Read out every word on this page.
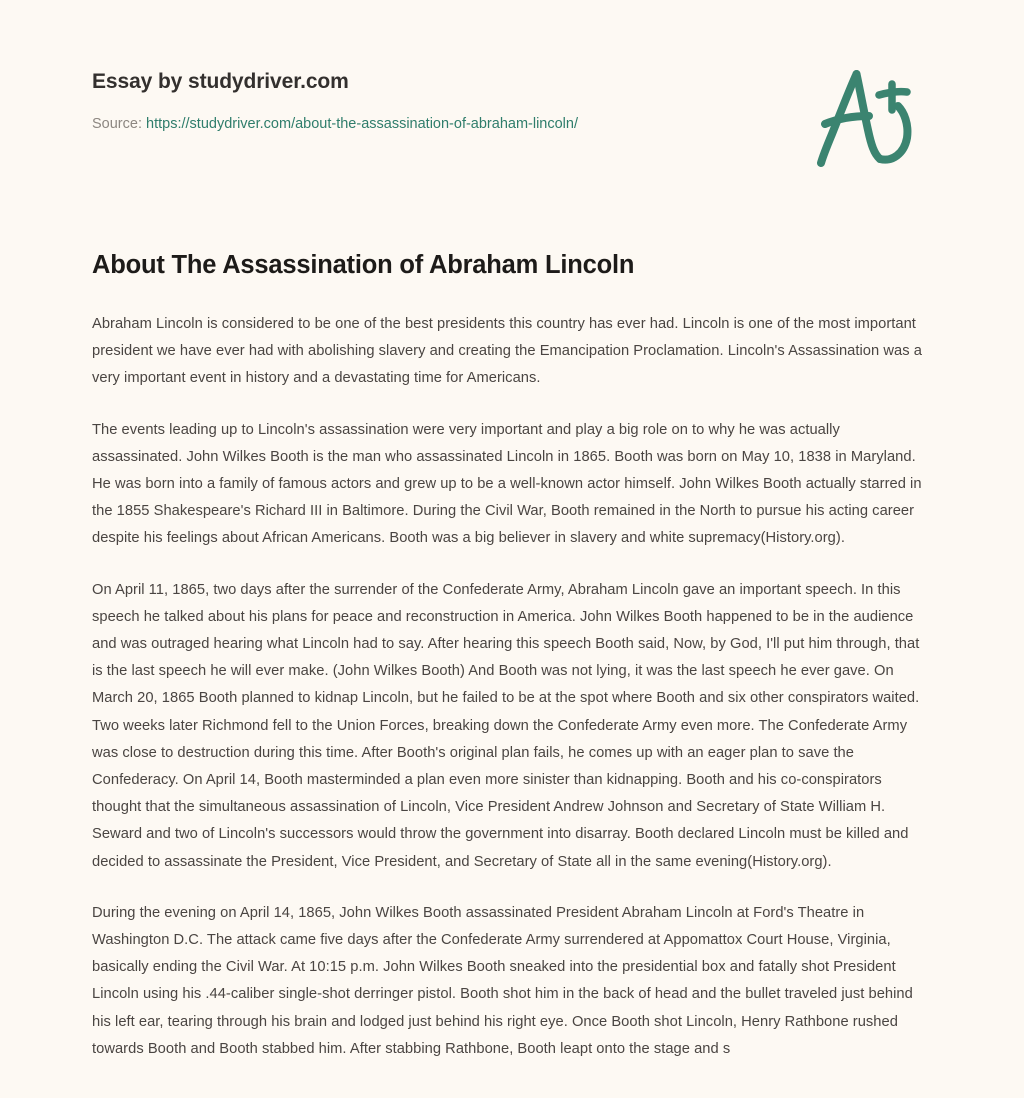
Essay by studydriver.com
Source: https://studydriver.com/about-the-assassination-of-abraham-lincoln/
About The Assassination of Abraham Lincoln

Abraham Lincoln is considered to be one of the best presidents this country has ever had. Lincoln is one of the most important president we have ever had with abolishing slavery and creating the Emancipation Proclamation. Lincoln's Assassination was a very important event in history and a devastating time for Americans.

The events leading up to Lincoln's assassination were very important and play a big role on to why he was actually assassinated. John Wilkes Booth is the man who assassinated Lincoln in 1865. Booth was born on May 10, 1838 in Maryland. He was born into a family of famous actors and grew up to be a well-known actor himself. John Wilkes Booth actually starred in the 1855 Shakespeare's Richard III in Baltimore. During the Civil War, Booth remained in the North to pursue his acting career despite his feelings about African Americans. Booth was a big believer in slavery and white supremacy(History.org).

On April 11, 1865, two days after the surrender of the Confederate Army, Abraham Lincoln gave an important speech. In this speech he talked about his plans for peace and reconstruction in America. John Wilkes Booth happened to be in the audience and was outraged hearing what Lincoln had to say. After hearing this speech Booth said, Now, by God, I'll put him through, that is the last speech he will ever make. (John Wilkes Booth) And Booth was not lying, it was the last speech he ever gave. On March 20, 1865 Booth planned to kidnap Lincoln, but he failed to be at the spot where Booth and six other conspirators waited. Two weeks later Richmond fell to the Union Forces, breaking down the Confederate Army even more. The Confederate Army was close to destruction during this time. After Booth's original plan fails, he comes up with an eager plan to save the Confederacy. On April 14, Booth masterminded a plan even more sinister than kidnapping. Booth and his co-conspirators thought that the simultaneous assassination of Lincoln, Vice President Andrew Johnson and Secretary of State William H. Seward and two of Lincoln's successors would throw the government into disarray. Booth declared Lincoln must be killed and decided to assassinate the President, Vice President, and Secretary of State all in the same evening(History.org).

During the evening on April 14, 1865, John Wilkes Booth assassinated President Abraham Lincoln at Ford's Theatre in Washington D.C. The attack came five days after the Confederate Army surrendered at Appomattox Court House, Virginia, basically ending the Civil War. At 10:15 p.m. John Wilkes Booth sneaked into the presidential box and fatally shot President Lincoln using his .44-caliber single-shot derringer pistol. Booth shot him in the back of head and the bullet traveled just behind his left ear, tearing through his brain and lodged just behind his right eye. Once Booth shot Lincoln, Henry Rathbone rushed towards Booth and Booth stabbed him. After stabbing Rathbone, Booth leapt onto the stage and s
